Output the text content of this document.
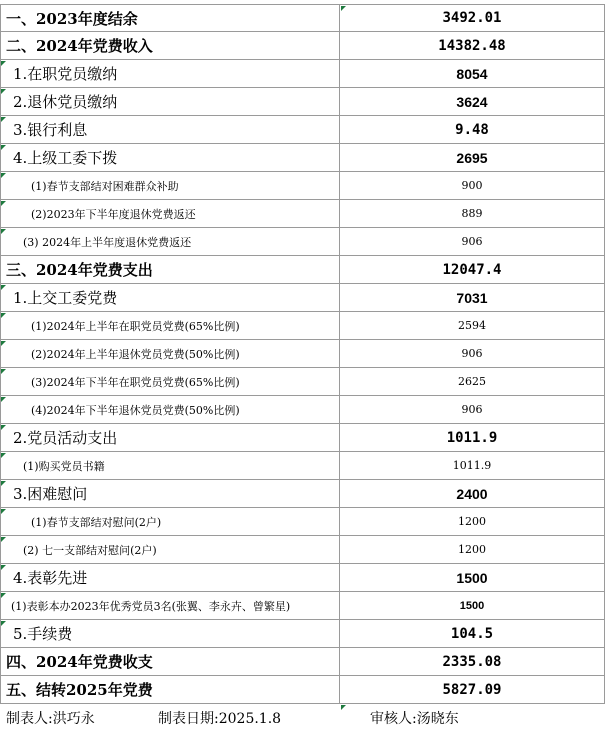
一、2023年度结余	3492.01
二、2024年党费收入	14382.48
1.在职党员缴纳	8054
2.退休党员缴纳	3624
3.银行利息	9.48
4.上级工委下拨	2695
(1)春节支部结对困难群众补助	900
(2)2023年下半年度退休党费返还	889
(3) 2024年上半年度退休党费返还	906
三、2024年党费支出	12047.4
1.上交工委党费	7031
(1)2024年上半年在职党员党费(65%比例)	2594
(2)2024年上半年退休党员党费(50%比例)	906
(3)2024年下半年在职党员党费(65%比例)	2625
(4)2024年下半年退休党员党费(50%比例)	906
2.党员活动支出	1011.9
(1)购买党员书籍	1011.9
3.困难慰问	2400
(1)春节支部结对慰问(2户)	1200
(2) 七一支部结对慰问(2户)	1200
4.表彰先进	1500
(1)表彰本办2023年优秀党员3名(张翼、李永卉、曾繁星)	1500
5.手续费	104.5
四、2024年党费收支	2335.08
五、结转2025年党费	5827.09
制表人:洪巧永	制表日期:2025.1.8	审核人:汤晓东
